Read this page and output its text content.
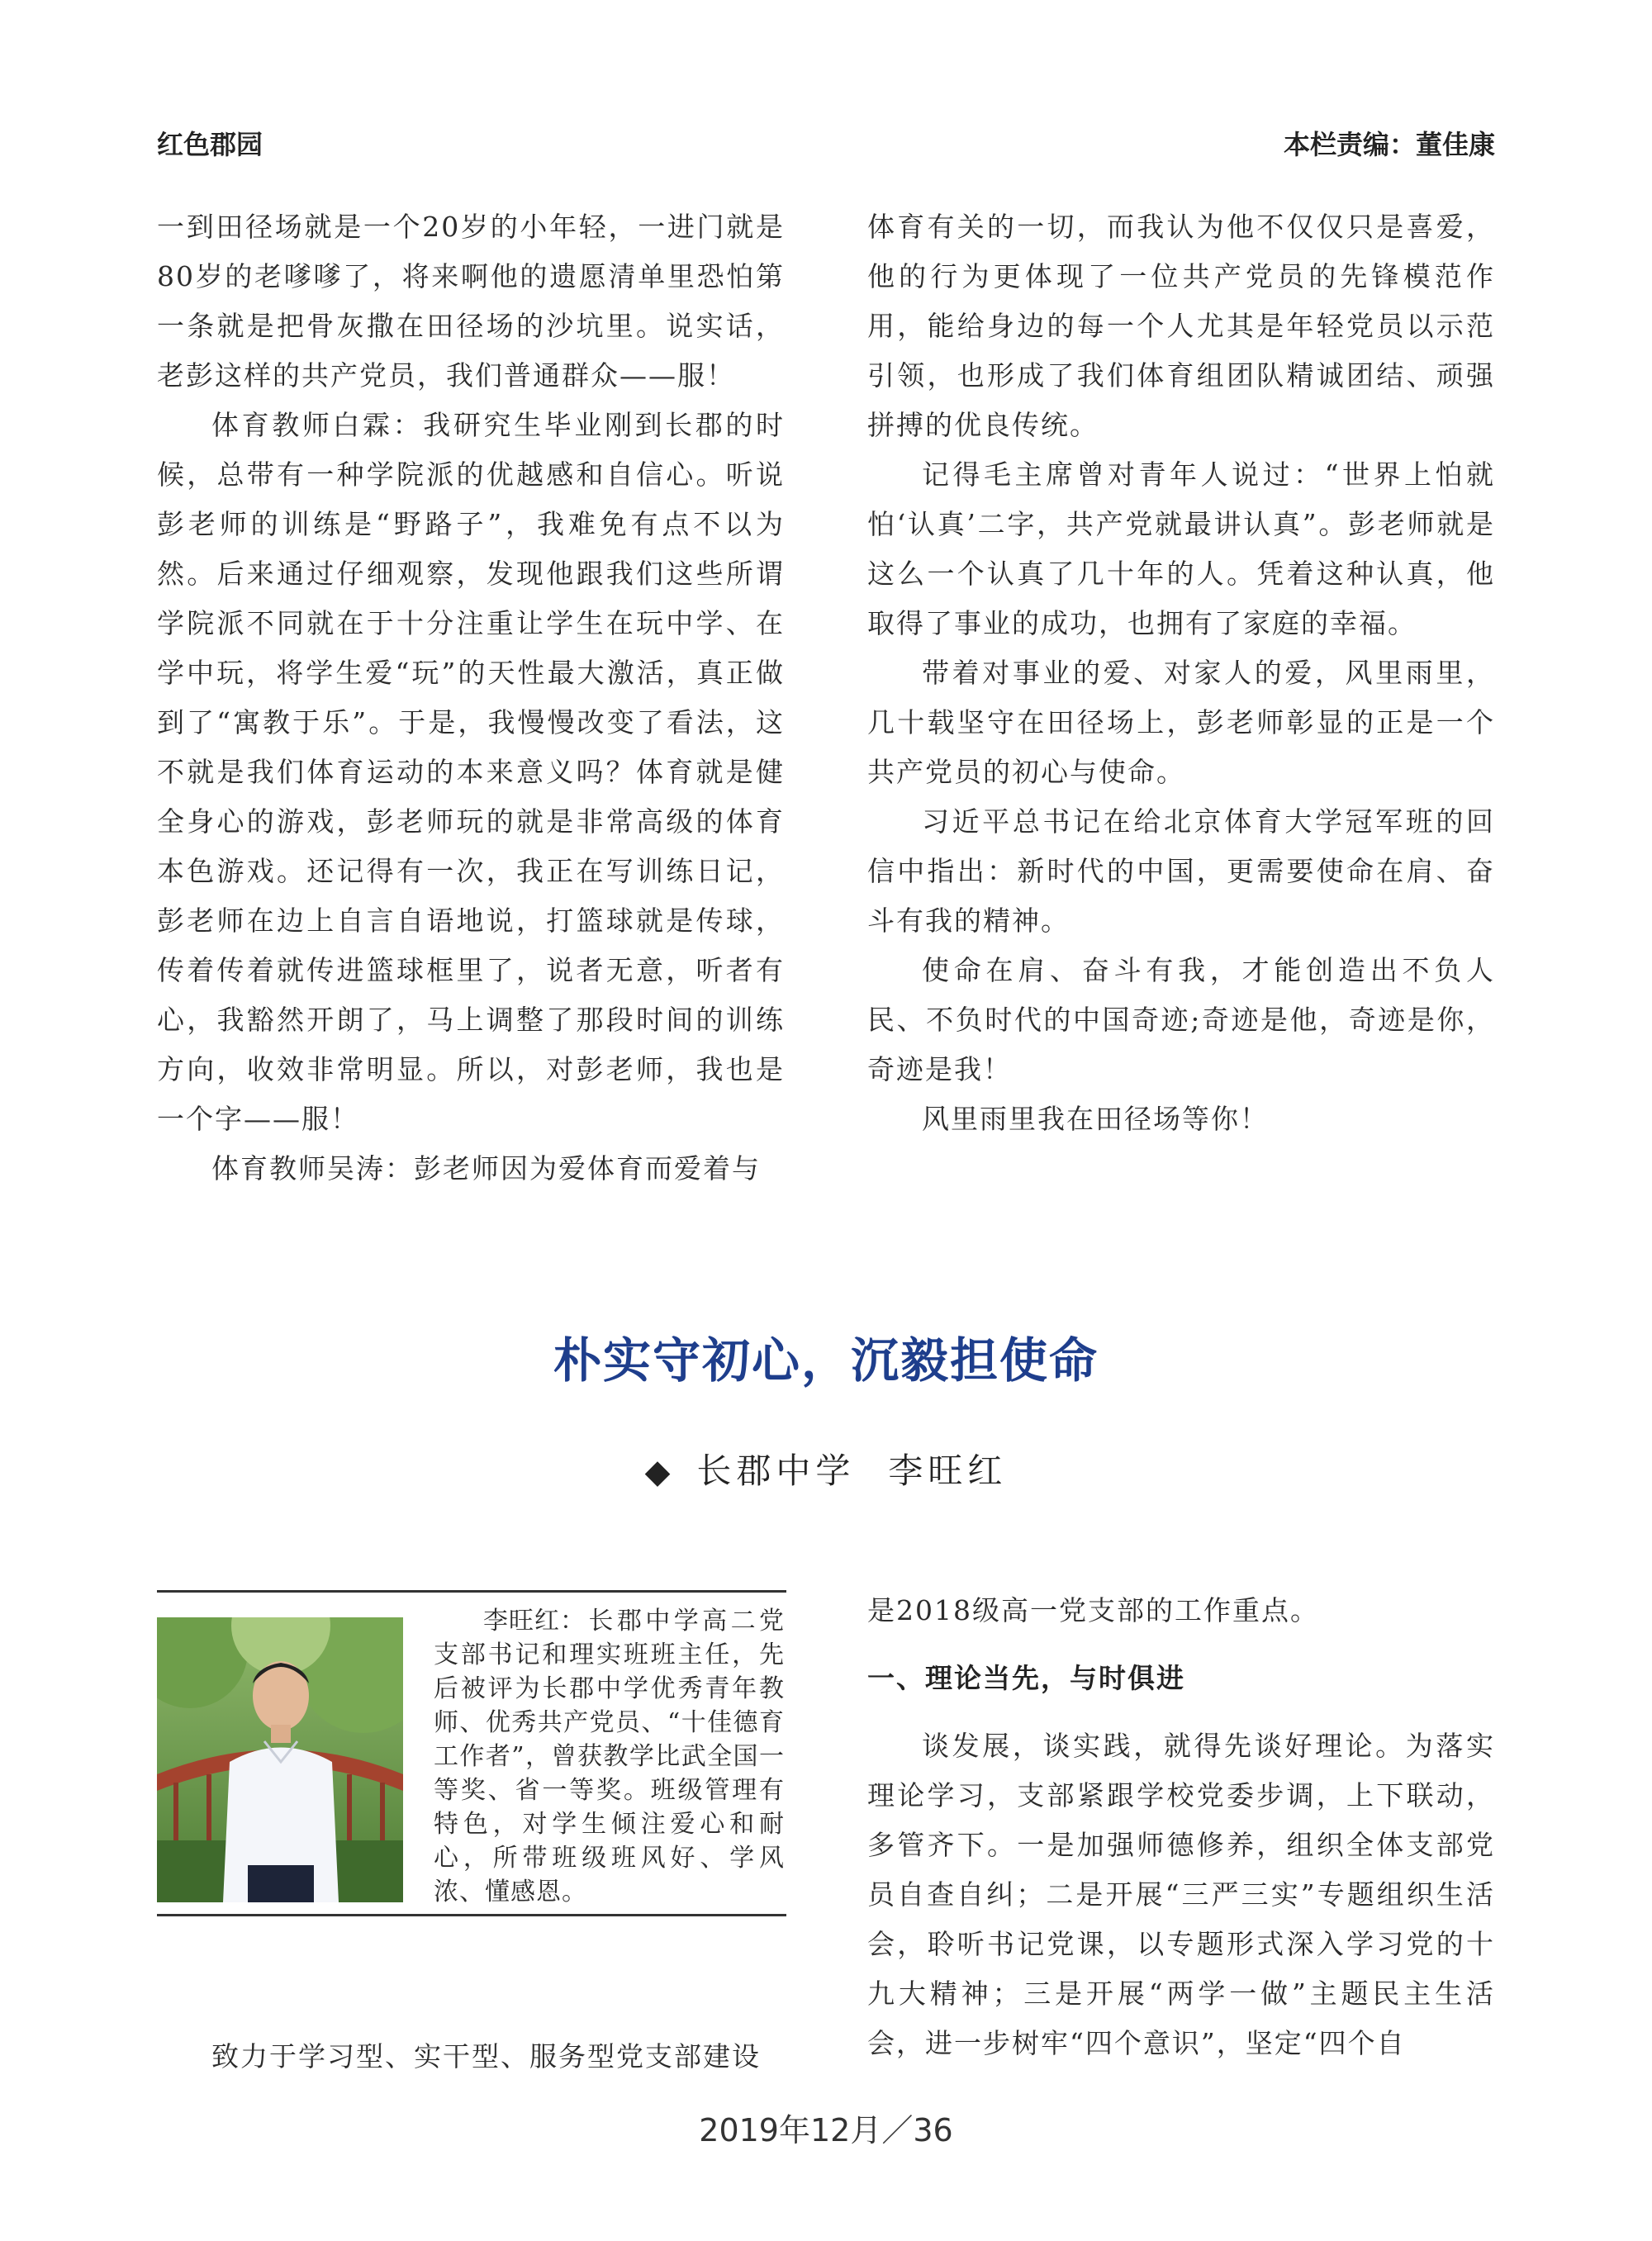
红色郡园	本栏责编：董佳康

一到田径场就是一个20岁的小年轻，一进门就是80岁的老嗲嗲了，将来啊他的遗愿清单里恐怕第一条就是把骨灰撒在田径场的沙坑里。说实话，老彭这样的共产党员，我们普通群众——服！

体育教师白霖：我研究生毕业刚到长郡的时候，总带有一种学院派的优越感和自信心。听说彭老师的训练是“野路子”，我难免有点不以为然。后来通过仔细观察，发现他跟我们这些所谓学院派不同就在于十分注重让学生在玩中学、在学中玩，将学生爱“玩”的天性最大激活，真正做到了“寓教于乐”。于是，我慢慢改变了看法，这不就是我们体育运动的本来意义吗？体育就是健全身心的游戏，彭老师玩的就是非常高级的体育本色游戏。还记得有一次，我正在写训练日记，彭老师在边上自言自语地说，打篮球就是传球，传着传着就传进篮球框里了，说者无意，听者有心，我豁然开朗了，马上调整了那段时间的训练方向，收效非常明显。所以，对彭老师，我也是一个字——服！

体育教师吴涛：彭老师因为爱体育而爱着与

体育有关的一切，而我认为他不仅仅只是喜爱，他的行为更体现了一位共产党员的先锋模范作用，能给身边的每一个人尤其是年轻党员以示范引领，也形成了我们体育组团队精诚团结、顽强拼搏的优良传统。

记得毛主席曾对青年人说过：“世界上怕就怕‘认真’二字，共产党就最讲认真”。彭老师就是这么一个认真了几十年的人。凭着这种认真，他取得了事业的成功，也拥有了家庭的幸福。

带着对事业的爱、对家人的爱，风里雨里，几十载坚守在田径场上，彭老师彰显的正是一个共产党员的初心与使命。

习近平总书记在给北京体育大学冠军班的回信中指出：新时代的中国，更需要使命在肩、奋斗有我的精神。

使命在肩、奋斗有我，才能创造出不负人民、不负时代的中国奇迹;奇迹是他，奇迹是你，奇迹是我！

风里雨里我在田径场等你！

朴实守初心，沉毅担使命
◆ 长郡中学 李旺红

李旺红：长郡中学高二党支部书记和理实班班主任，先后被评为长郡中学优秀青年教师、优秀共产党员、“十佳德育工作者”，曾获教学比武全国一等奖、省一等奖。班级管理有特色，对学生倾注爱心和耐心，所带班级班风好、学风浓、懂感恩。

致力于学习型、实干型、服务型党支部建设

是2018级高一党支部的工作重点。

一、理论当先，与时俱进

谈发展，谈实践，就得先谈好理论。为落实理论学习，支部紧跟学校党委步调，上下联动，多管齐下。一是加强师德修养，组织全体支部党员自查自纠；二是开展“三严三实”专题组织生活会，聆听书记党课，以专题形式深入学习党的十九大精神；三是开展“两学一做”主题民主生活会，进一步树牢“四个意识”，坚定“四个自

2019年12月／36
